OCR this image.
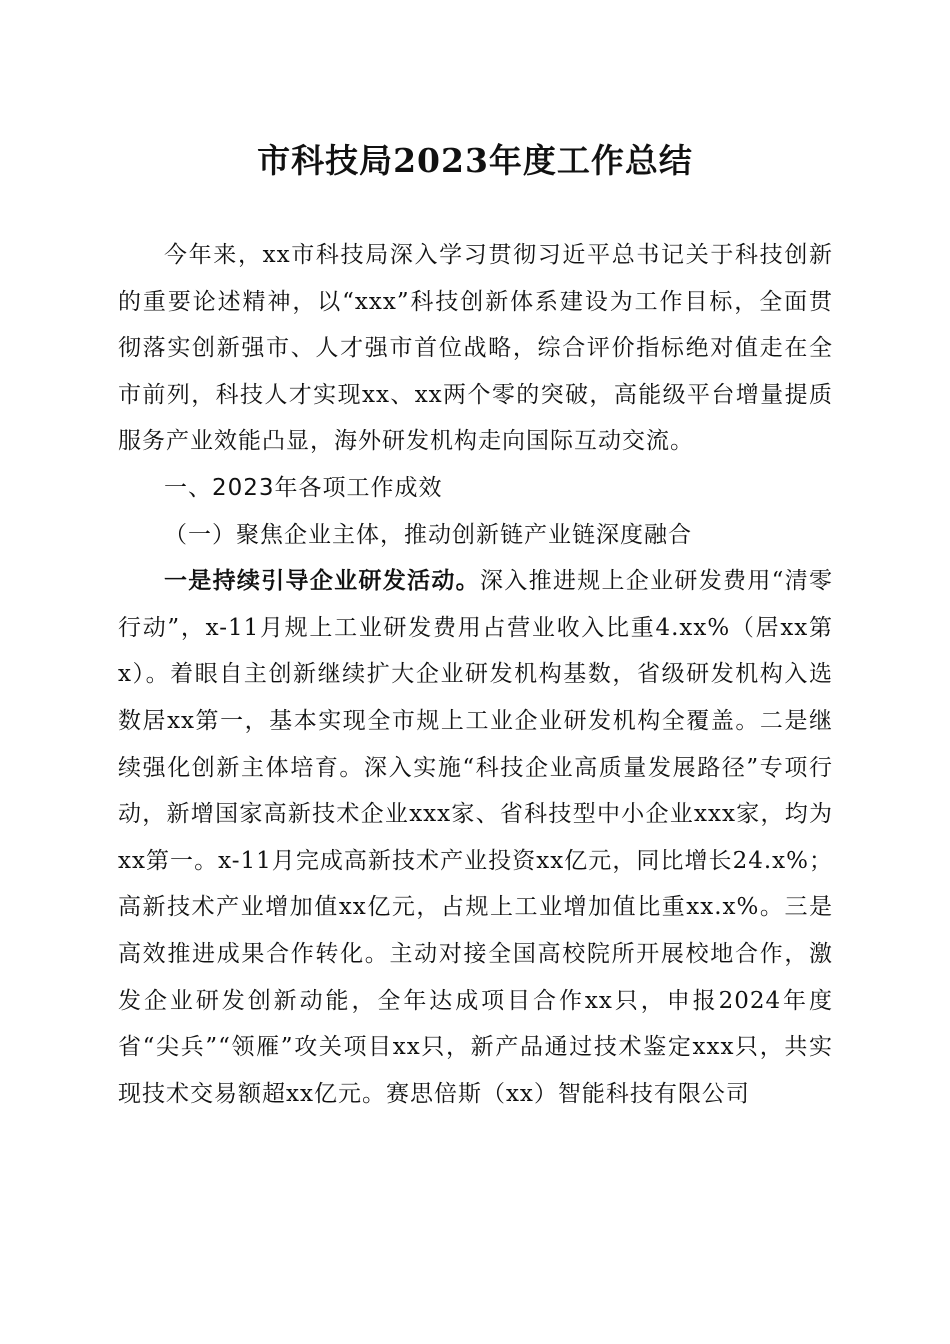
市科技局2023年度工作总结

今年来，xx市科技局深入学习贯彻习近平总书记关于科技创新的重要论述精神，以“xxx”科技创新体系建设为工作目标，全面贯彻落实创新强市、人才强市首位战略，综合评价指标绝对值走在全市前列，科技人才实现xx、xx两个零的突破，高能级平台增量提质服务产业效能凸显，海外研发机构走向国际互动交流。

一、2023年各项工作成效

（一）聚焦企业主体，推动创新链产业链深度融合

一是持续引导企业研发活动。深入推进规上企业研发费用“清零行动”，x-11月规上工业研发费用占营业收入比重4.xx%（居xx第x）。着眼自主创新继续扩大企业研发机构基数，省级研发机构入选数居xx第一，基本实现全市规上工业企业研发机构全覆盖。二是继续强化创新主体培育。深入实施“科技企业高质量发展路径”专项行动，新增国家高新技术企业xxx家、省科技型中小企业xxx家，均为xx第一。x-11月完成高新技术产业投资xx亿元，同比增长24.x%；高新技术产业增加值xx亿元，占规上工业增加值比重xx.x%。三是高效推进成果合作转化。主动对接全国高校院所开展校地合作，激发企业研发创新动能，全年达成项目合作xx只，申报2024年度省“尖兵”“领雁”攻关项目xx只，新产品通过技术鉴定xxx只，共实现技术交易额超xx亿元。赛思倍斯（xx）智能科技有限公司
